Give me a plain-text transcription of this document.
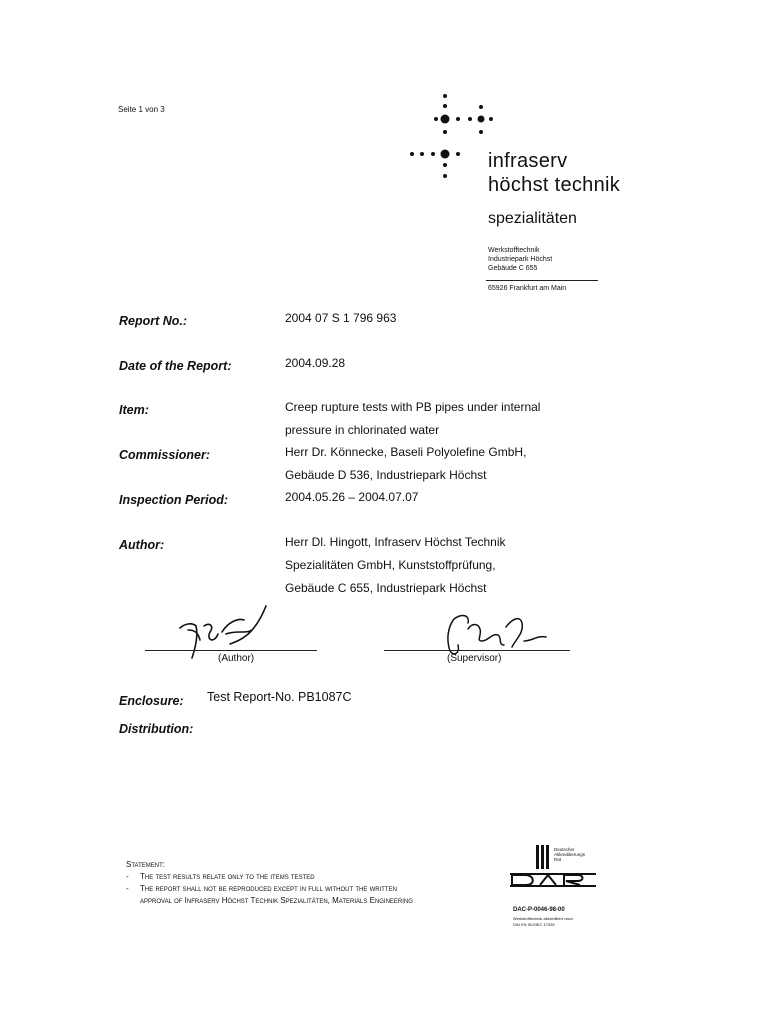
Seite 1 von 3
infraserv
höchst technik
spezialitäten
Werkstofftechnik
Industriepark Höchst
Gebäude C 655
65926 Frankfurt am Main
Report No.:	2004 07 S 1 796 963
Date of the Report:	2004.09.28
Item:	Creep rupture tests with PB pipes under internal
pressure in chlorinated water
Commissioner:	Herr Dr. Könnecke, Baseli Polyolefine GmbH,
Gebäude D 536, Industriepark Höchst
Inspection Period:	2004.05.26 – 2004.07.07
Author:	Herr Dl. Hingott, Infraserv Höchst Technik
Spezialitäten GmbH, Kunststoffprüfung,
Gebäude C 655, Industriepark Höchst
(Author)	(Supervisor)
Enclosure: Test Report-No. PB1087C
Distribution:
Statement:
- The test results relate only to the items tested
- The report shall not be reproduced except in full without the written approval of Infraserv Höchst Technik Spezialitäten, Materials Engineering
Deutscher
Akkreditierungs
Rat
DAC-P-0046-98-00
Werkstofftechnik akkreditiert nach
DIN EN ISO/IEC 17025
